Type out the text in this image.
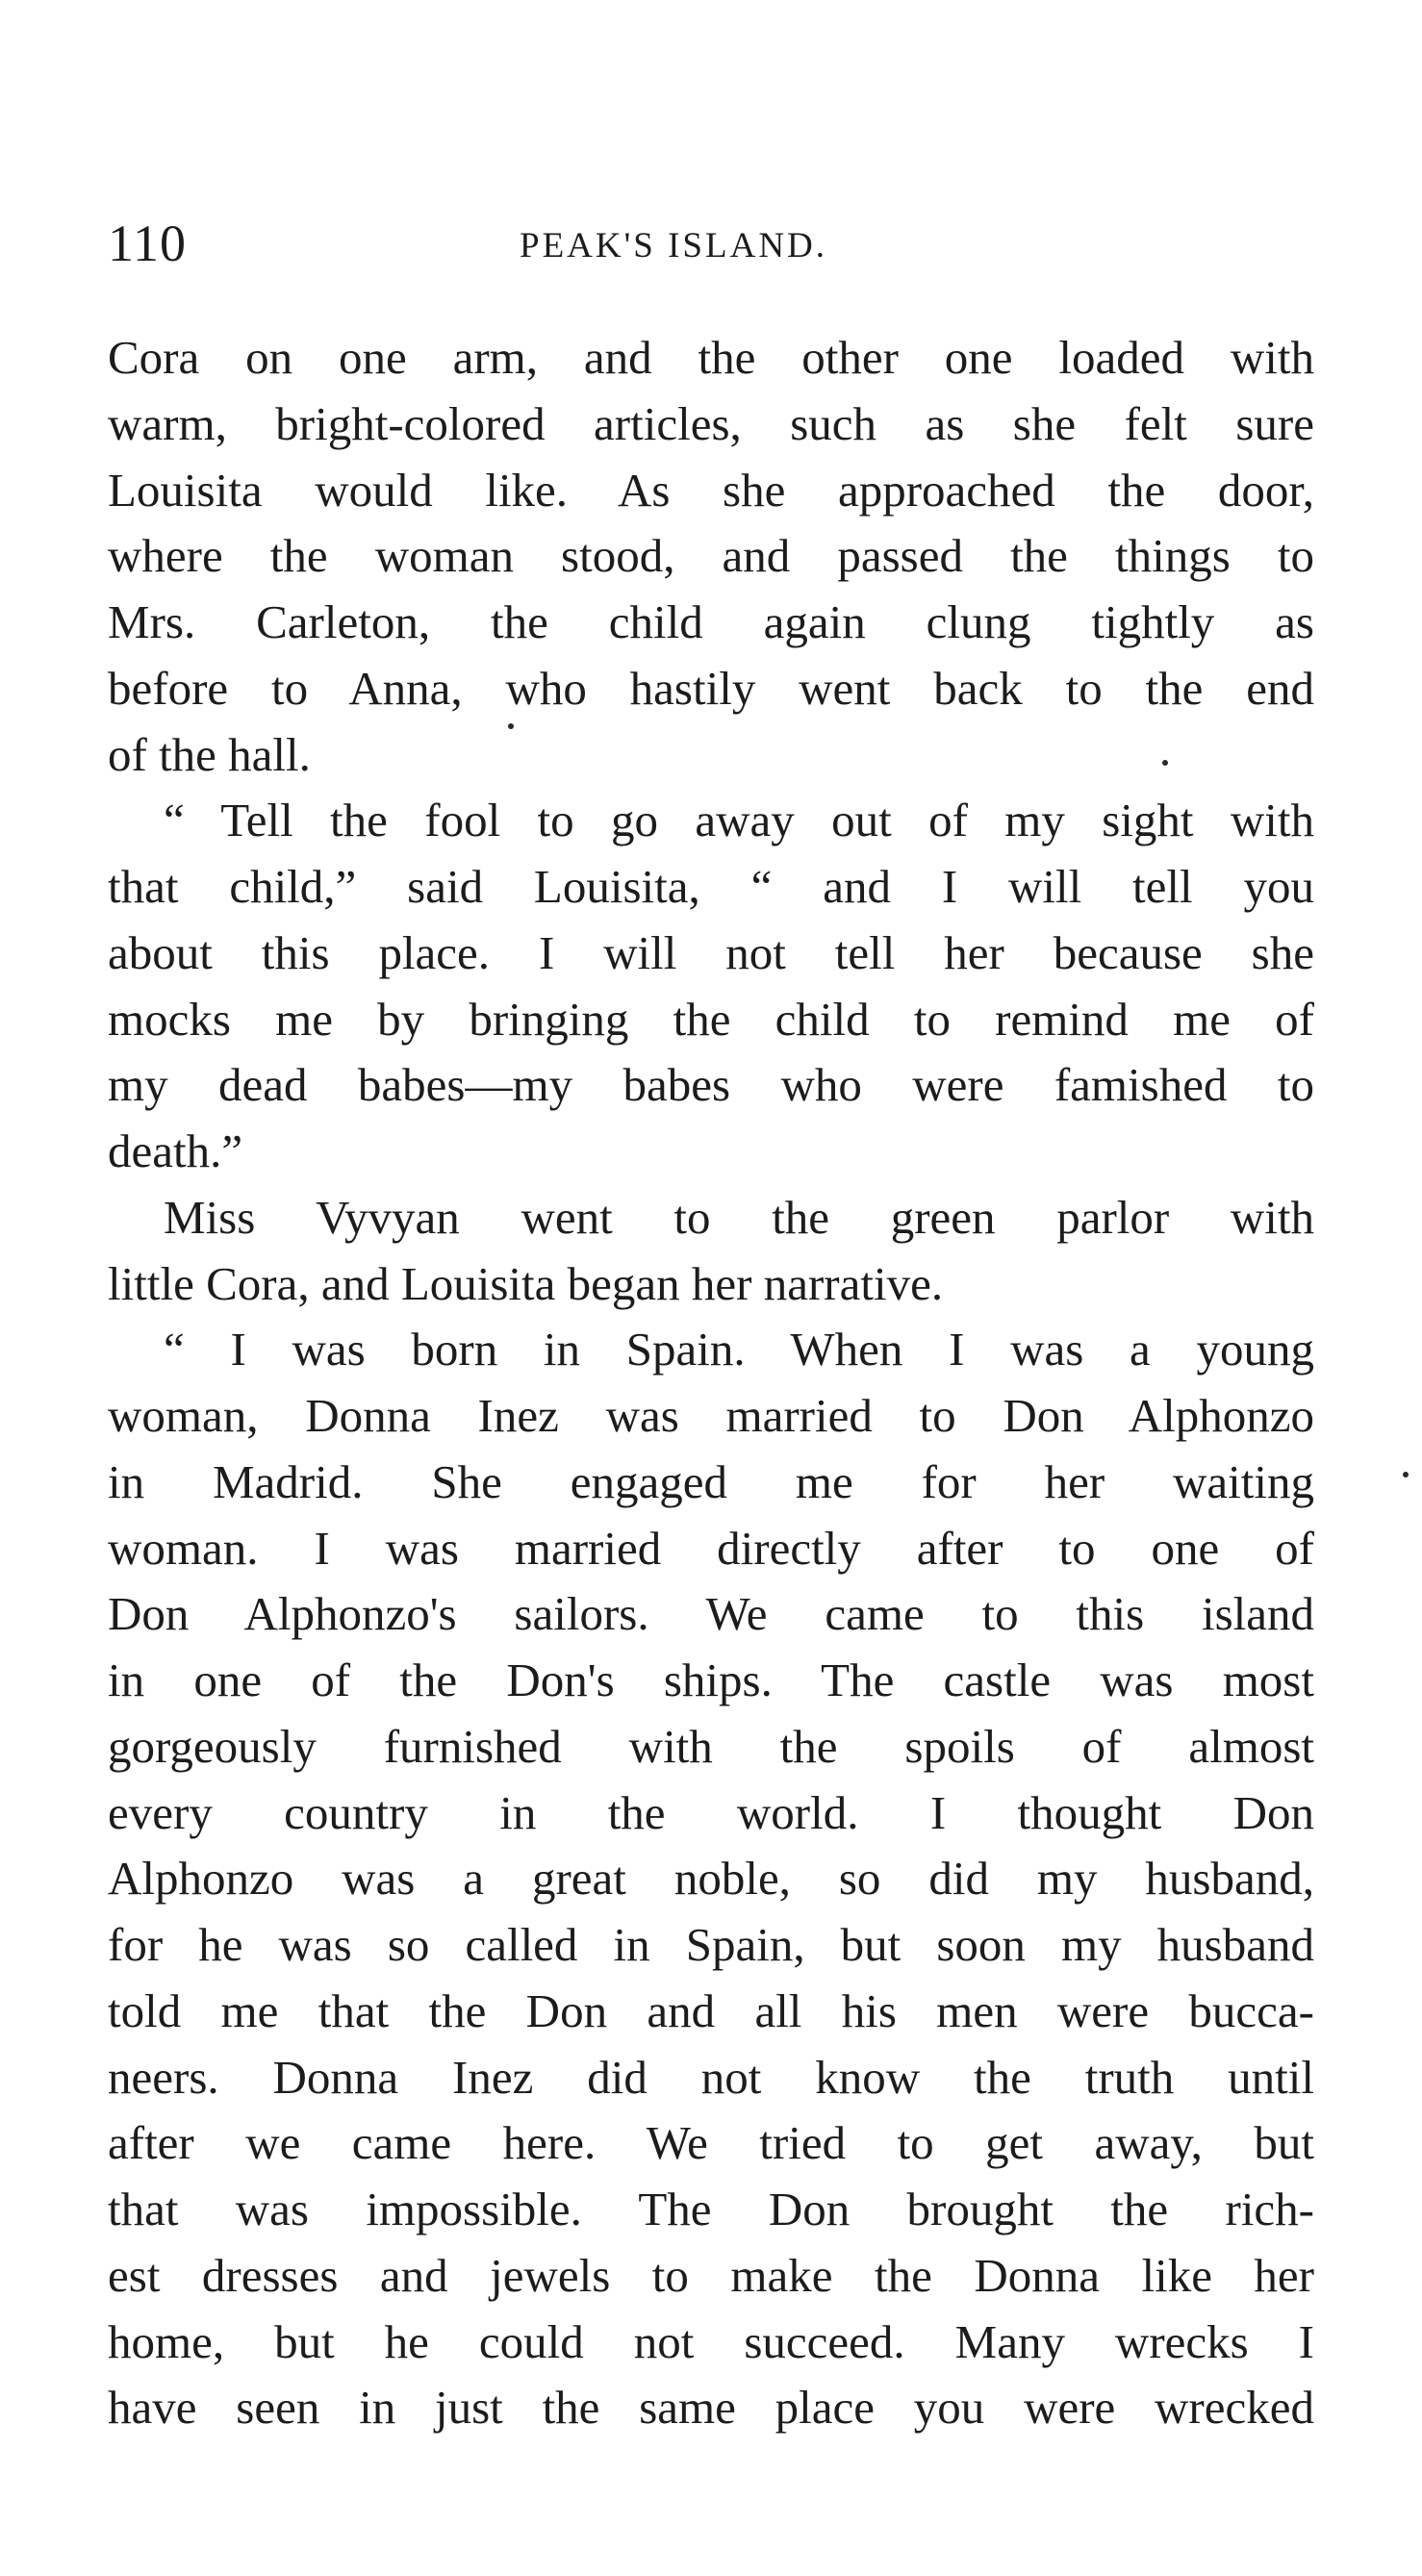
110	PEAK'S ISLAND.
Cora on one arm, and the other one loaded with
warm, bright-colored articles, such as she felt sure
Louisita would like. As she approached the door,
where the woman stood, and passed the things to
Mrs. Carleton, the child again clung tightly as
before to Anna, who hastily went back to the end
of the hall.
“ Tell the fool to go away out of my sight with
that child,” said Louisita, “ and I will tell you
about this place. I will not tell her because she
mocks me by bringing the child to remind me of
my dead babes—my babes who were famished to
death.”
Miss Vyvyan went to the green parlor with
little Cora, and Louisita began her narrative.
“ I was born in Spain. When I was a young
woman, Donna Inez was married to Don Alphonzo
in Madrid. She engaged me for her waiting
woman. I was married directly after to one of
Don Alphonzo's sailors. We came to this island
in one of the Don's ships. The castle was most
gorgeously furnished with the spoils of almost
every country in the world. I thought Don
Alphonzo was a great noble, so did my husband,
for he was so called in Spain, but soon my husband
told me that the Don and all his men were bucca-
neers. Donna Inez did not know the truth until
after we came here. We tried to get away, but
that was impossible. The Don brought the rich-
est dresses and jewels to make the Donna like her
home, but he could not succeed. Many wrecks I
have seen in just the same place you were wrecked
